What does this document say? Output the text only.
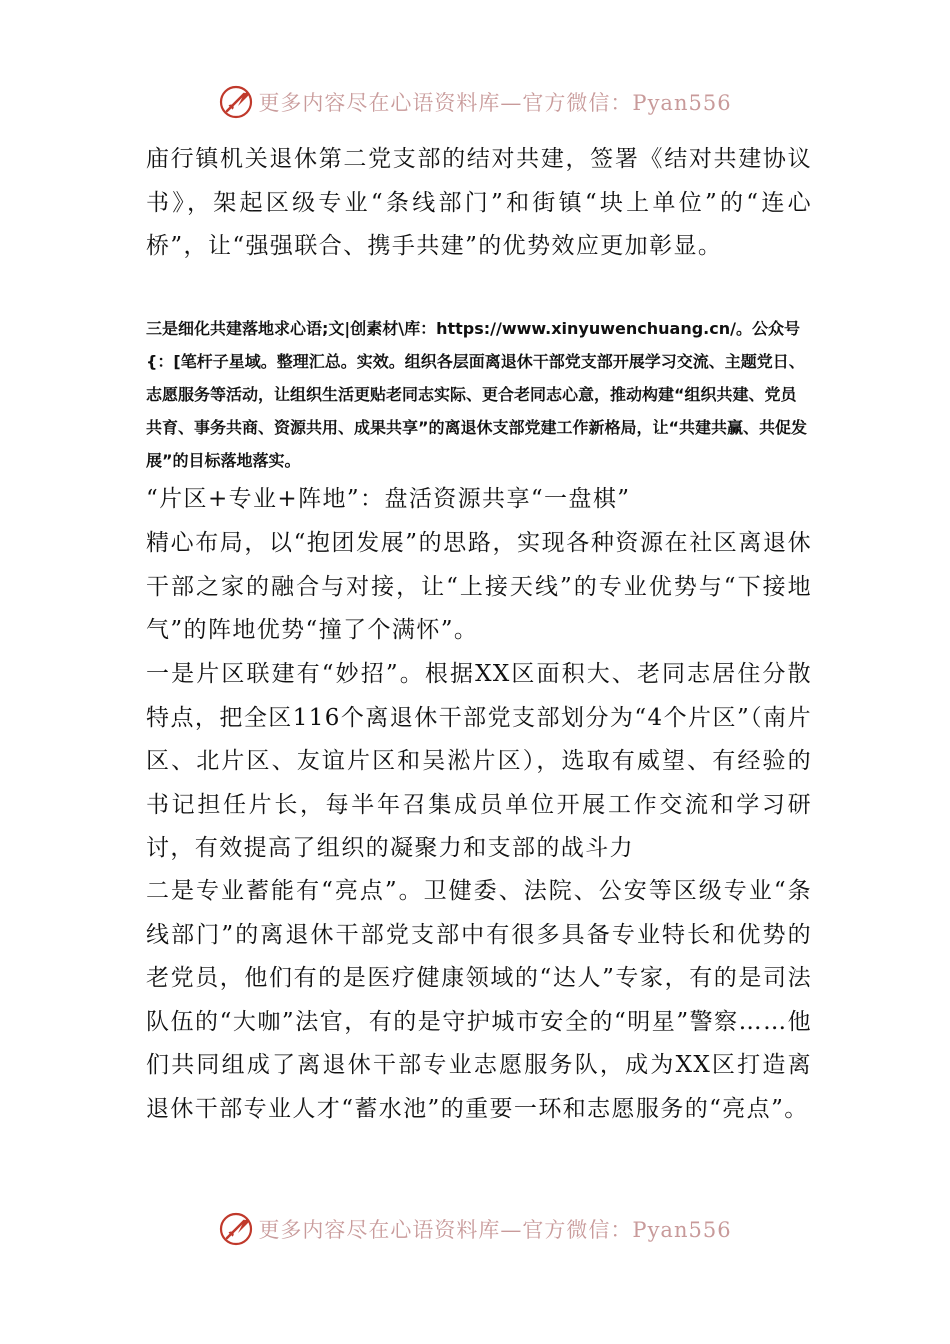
更多内容尽在心语资料库—官方微信：Pyan556

庙行镇机关退休第二党支部的结对共建，签署《结对共建协议书》，架起区级专业“条线部门”和街镇“块上单位”的“连心桥”，让“强强联合、携手共建”的优势效应更加彰显。

三是细化共建落地求心语;文|创素材\库：https://www.xinyuwenchuang.cn/。公众号{：[笔杆子星域。整理汇总。实效。组织各层面离退休干部党支部开展学习交流、主题党日、志愿服务等活动，让组织生活更贴老同志实际、更合老同志心意，推动构建“组织共建、党员共育、事务共商、资源共用、成果共享”的离退休支部党建工作新格局，让“共建共赢、共促发展”的目标落地落实。

“片区+专业+阵地”：盘活资源共享“一盘棋”

精心布局，以“抱团发展”的思路，实现各种资源在社区离退休干部之家的融合与对接，让“上接天线”的专业优势与“下接地气”的阵地优势“撞了个满怀”。

一是片区联建有“妙招”。根据XX区面积大、老同志居住分散特点，把全区116个离退休干部党支部划分为“4个片区”（南片区、北片区、友谊片区和吴淞片区），选取有威望、有经验的书记担任片长，每半年召集成员单位开展工作交流和学习研讨，有效提高了组织的凝聚力和支部的战斗力

二是专业蓄能有“亮点”。卫健委、法院、公安等区级专业“条线部门”的离退休干部党支部中有很多具备专业特长和优势的老党员，他们有的是医疗健康领域的“达人”专家，有的是司法队伍的“大咖”法官，有的是守护城市安全的“明星”警察……他们共同组成了离退休干部专业志愿服务队，成为XX区打造离退休干部专业人才“蓄水池”的重要一环和志愿服务的“亮点”。

更多内容尽在心语资料库—官方微信：Pyan556
